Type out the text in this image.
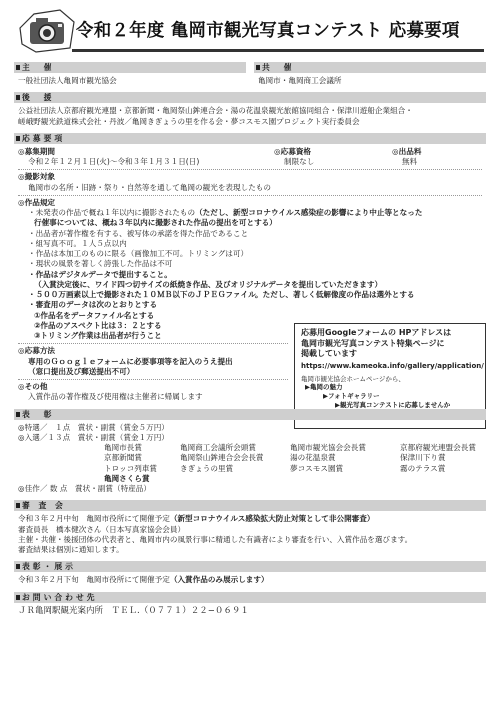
令和２年度 亀岡市観光写真コンテスト 応募要項
主　催
一般社団法人亀岡市観光協会
共　催
亀岡市・亀岡商工会議所
後　援
公益社団法人京都府観光連盟・京都新聞・亀岡祭山鉾連合会・湯の花温泉観光旅館協同組合・保津川遊船企業組合・
嵯峨野観光鉄道株式会社・丹波／亀岡きぎょうの里を作る会・夢コスモス園プロジェクト実行委員会
応募要項
◎募集期間
令和２年１２月１日(火)〜令和３年１月３１日(日)
◎応募資格
制限なし
◎出品料
無料
◎撮影対象
亀岡市の名所・旧跡・祭り・自然等を通して亀岡の観光を表現したもの
◎作品規定
・未発表の作品で概ね１年以内に撮影されたもの（ただし、新型コロナウイルス感染症の影響により中止等となった
行催事については、概ね３年以内に撮影された作品の提出を可とする）
・出品者が著作権を有する、被写体の承諾を得た作品であること
・組写真不可。１人５点以内
・作品は本加工のものに限る（画像加工不可。トリミングは可）
・現状の風景を著しく誇張した作品は不可
・作品はデジタルデータで提出すること。
（入賞決定後に、ワイド四つ切サイズの紙焼き作品、及びオリジナルデータを提出していただきます）
・５００万画素以上で撮影された１０ＭＢ以下のＪＰＥＧファイル。ただし、著しく低解像度の作品は選外とする
・審査用のデータは次のとおりとする
①作品名をデータファイル名とする
②作品のアスペクト比は３：２とする
③トリミング作業は出品者が行うこと
◎応募方法
専用のＧｏｏｇｌｅフォームに必要事項等を記入のうえ提出
（窓口提出及び郵送提出不可）
◎その他
入賞作品の著作権及び使用権は主催者に帰属します
応募用Googleフォームの HPアドレスは
亀岡市観光写真コンテスト特集ページに
掲載しています
https://www.kameoka.info/gallery/application/
亀岡市観光協会ホームページから、
▶亀岡の魅力
▶フォトギャラリー
▶観光写真コンテストに応募しませんか
表　彰
◎特選／　１点　賞状・副賞（賞金５万円）
◎入選／１３点　賞状・副賞（賞金１万円）
亀岡市長賞	亀岡商工会議所会頭賞	亀岡市観光協会会長賞	京都府観光連盟会長賞
京都新聞賞	亀岡祭山鉾連合会会長賞	湯の花温泉賞	保津川下り賞
トロッコ列車賞	きぎょうの里賞	夢コスモス園賞	霧のテラス賞
亀岡さくら賞
◎佳作／ 数 点　賞状・副賞（特産品）
審 査 会
令和３年２月中旬　亀岡市役所にて開催予定（新型コロナウイルス感染拡大防止対策として非公開審査）
審査員長　橋本健次さん（日本写真家協会会員）
主催・共催・後援団体の代表者と、亀岡市内の風景行事に精通した有識者により審査を行い、入賞作品を選びます。
審査結果は個別に通知します。
表彰・展示
令和３年２月下旬　亀岡市役所にて開催予定（入賞作品のみ展示します）
お問い合わせ先
ＪＲ亀岡駅観光案内所　ＴＥＬ.（０７７１）２２−０６９１
